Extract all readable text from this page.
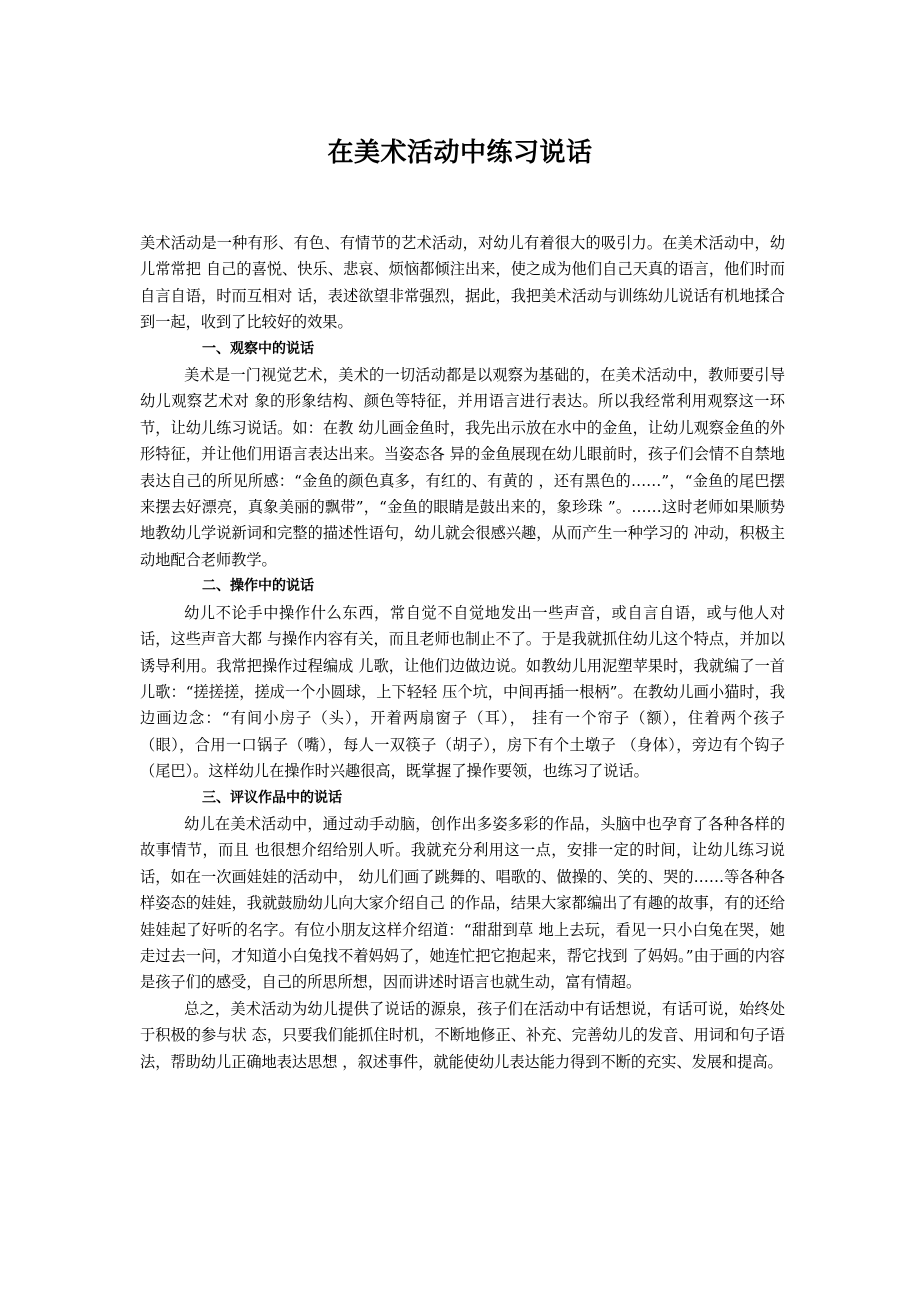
在美术活动中练习说话

美术活动是一种有形、有色、有情节的艺术活动，对幼儿有着很大的吸引力。在美术活动中，幼儿常常把 自己的喜悦、快乐、悲哀、烦恼都倾注出来，使之成为他们自己天真的语言，他们时而自言自语，时而互相对 话，表述欲望非常强烈，据此，我把美术活动与训练幼儿说话有机地揉合到一起，收到了比较好的效果。

一、观察中的说话

美术是一门视觉艺术，美术的一切活动都是以观察为基础的，在美术活动中，教师要引导幼儿观察艺术对 象的形象结构、颜色等特征，并用语言进行表达。所以我经常利用观察这一环节，让幼儿练习说话。如：在教 幼儿画金鱼时，我先出示放在水中的金鱼，让幼儿观察金鱼的外形特征，并让他们用语言表达出来。当姿态各 异的金鱼展现在幼儿眼前时，孩子们会情不自禁地表达自己的所见所感：“金鱼的颜色真多，有红的、有黄的 ，还有黑色的……”，“金鱼的尾巴摆来摆去好漂亮，真象美丽的飘带”，“金鱼的眼睛是鼓出来的，象珍珠 ”。……这时老师如果顺势地教幼儿学说新词和完整的描述性语句，幼儿就会很感兴趣，从而产生一种学习的 冲动，积极主动地配合老师教学。

二、操作中的说话

幼儿不论手中操作什么东西，常自觉不自觉地发出一些声音，或自言自语，或与他人对话，这些声音大都 与操作内容有关，而且老师也制止不了。于是我就抓住幼儿这个特点，并加以诱导利用。我常把操作过程编成 儿歌，让他们边做边说。如教幼儿用泥塑苹果时，我就编了一首儿歌：“搓搓搓，搓成一个小圆球，上下轻轻 压个坑，中间再插一根柄”。在教幼儿画小猫时，我边画边念：“有间小房子（头），开着两扇窗子（耳）， 挂有一个帘子（额），住着两个孩子（眼），合用一口锅子（嘴），每人一双筷子（胡子），房下有个土墩子 （身体），旁边有个钩子（尾巴）。这样幼儿在操作时兴趣很高，既掌握了操作要领，也练习了说话。

三、评议作品中的说话

幼儿在美术活动中，通过动手动脑，创作出多姿多彩的作品，头脑中也孕育了各种各样的故事情节，而且 也很想介绍给别人听。我就充分利用这一点，安排一定的时间，让幼儿练习说话，如在一次画娃娃的活动中， 幼儿们画了跳舞的、唱歌的、做操的、笑的、哭的……等各种各样姿态的娃娃，我就鼓励幼儿向大家介绍自己 的作品，结果大家都编出了有趣的故事，有的还给娃娃起了好听的名字。有位小朋友这样介绍道：“甜甜到草 地上去玩，看见一只小白兔在哭，她走过去一问，才知道小白兔找不着妈妈了，她连忙把它抱起来，帮它找到 了妈妈。”由于画的内容是孩子们的感受，自己的所思所想，因而讲述时语言也就生动，富有情超。

总之，美术活动为幼儿提供了说话的源泉，孩子们在活动中有话想说，有话可说，始终处于积极的参与状 态，只要我们能抓住时机，不断地修正、补充、完善幼儿的发音、用词和句子语法，帮助幼儿正确地表达思想 ，叙述事件，就能使幼儿表达能力得到不断的充实、发展和提高。
